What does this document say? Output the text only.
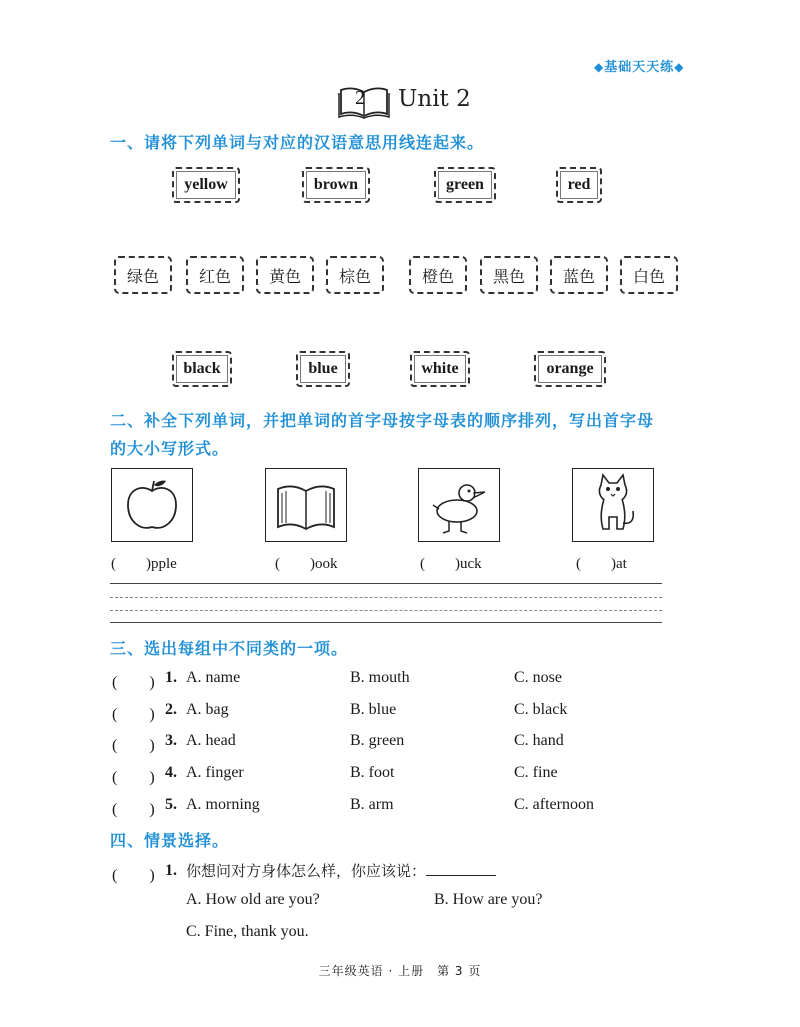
◆基础天天练◆
2 Unit 2
一、请将下列单词与对应的汉语意思用线连起来。
yellow	brown	green	red
绿色	红色	黄色	棕色	橙色	黑色	蓝色	白色
black	blue	white	orange
二、补全下列单词，并把单词的首字母按字母表的顺序排列，写出首字母
的大小写形式。
(　　)pple	(　　)ook	(　　)uck	(　　)at
三、选出每组中不同类的一项。
(　　) 1. A. name	B. mouth	C. nose
(　　) 2. A. bag	B. blue	C. black
(　　) 3. A. head	B. green	C. hand
(　　) 4. A. finger	B. foot	C. fine
(　　) 5. A. morning	B. arm	C. afternoon
四、情景选择。
(　　) 1. 你想问对方身体怎么样，你应该说：
A. How old are you?	B. How are you?
C. Fine, thank you.
三年级英语 · 上册　第 3 页
